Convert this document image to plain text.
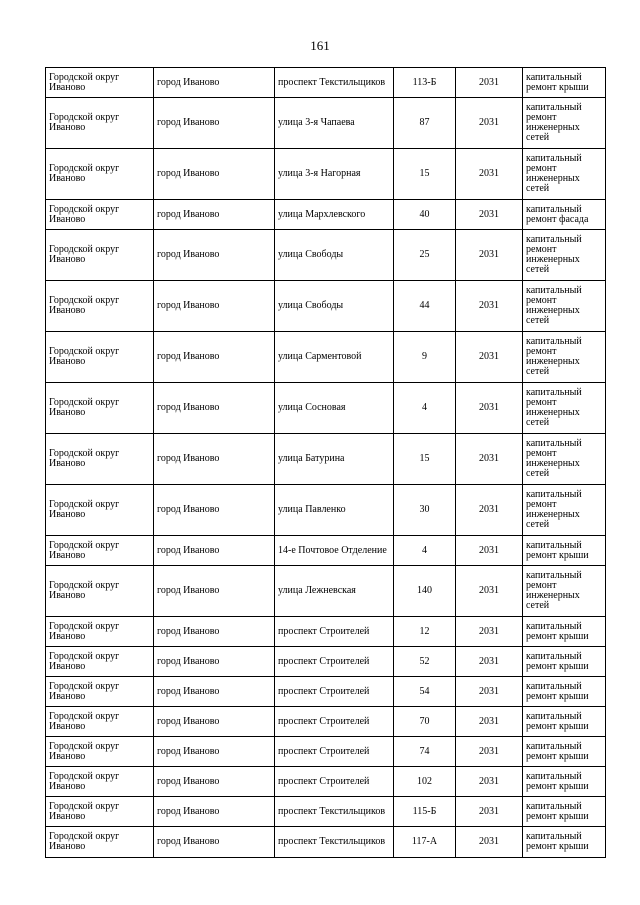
161
Городской округ Иваново	город Иваново	проспект Текстильщиков	113-Б	2031	капитальный ремонт крыши
Городской округ Иваново	город Иваново	улица 3-я Чапаева	87	2031	капитальный ремонт инженерных сетей
Городской округ Иваново	город Иваново	улица 3-я Нагорная	15	2031	капитальный ремонт инженерных сетей
Городской округ Иваново	город Иваново	улица Мархлевского	40	2031	капитальный ремонт фасада
Городской округ Иваново	город Иваново	улица Свободы	25	2031	капитальный ремонт инженерных сетей
Городской округ Иваново	город Иваново	улица Свободы	44	2031	капитальный ремонт инженерных сетей
Городской округ Иваново	город Иваново	улица Сарментовой	9	2031	капитальный ремонт инженерных сетей
Городской округ Иваново	город Иваново	улица Сосновая	4	2031	капитальный ремонт инженерных сетей
Городской округ Иваново	город Иваново	улица Батурина	15	2031	капитальный ремонт инженерных сетей
Городской округ Иваново	город Иваново	улица Павленко	30	2031	капитальный ремонт инженерных сетей
Городской округ Иваново	город Иваново	14-е Почтовое Отделение	4	2031	капитальный ремонт крыши
Городской округ Иваново	город Иваново	улица Лежневская	140	2031	капитальный ремонт инженерных сетей
Городской округ Иваново	город Иваново	проспект Строителей	12	2031	капитальный ремонт крыши
Городской округ Иваново	город Иваново	проспект Строителей	52	2031	капитальный ремонт крыши
Городской округ Иваново	город Иваново	проспект Строителей	54	2031	капитальный ремонт крыши
Городской округ Иваново	город Иваново	проспект Строителей	70	2031	капитальный ремонт крыши
Городской округ Иваново	город Иваново	проспект Строителей	74	2031	капитальный ремонт крыши
Городской округ Иваново	город Иваново	проспект Строителей	102	2031	капитальный ремонт крыши
Городской округ Иваново	город Иваново	проспект Текстильщиков	115-Б	2031	капитальный ремонт крыши
Городской округ Иваново	город Иваново	проспект Текстильщиков	117-А	2031	капитальный ремонт крыши
